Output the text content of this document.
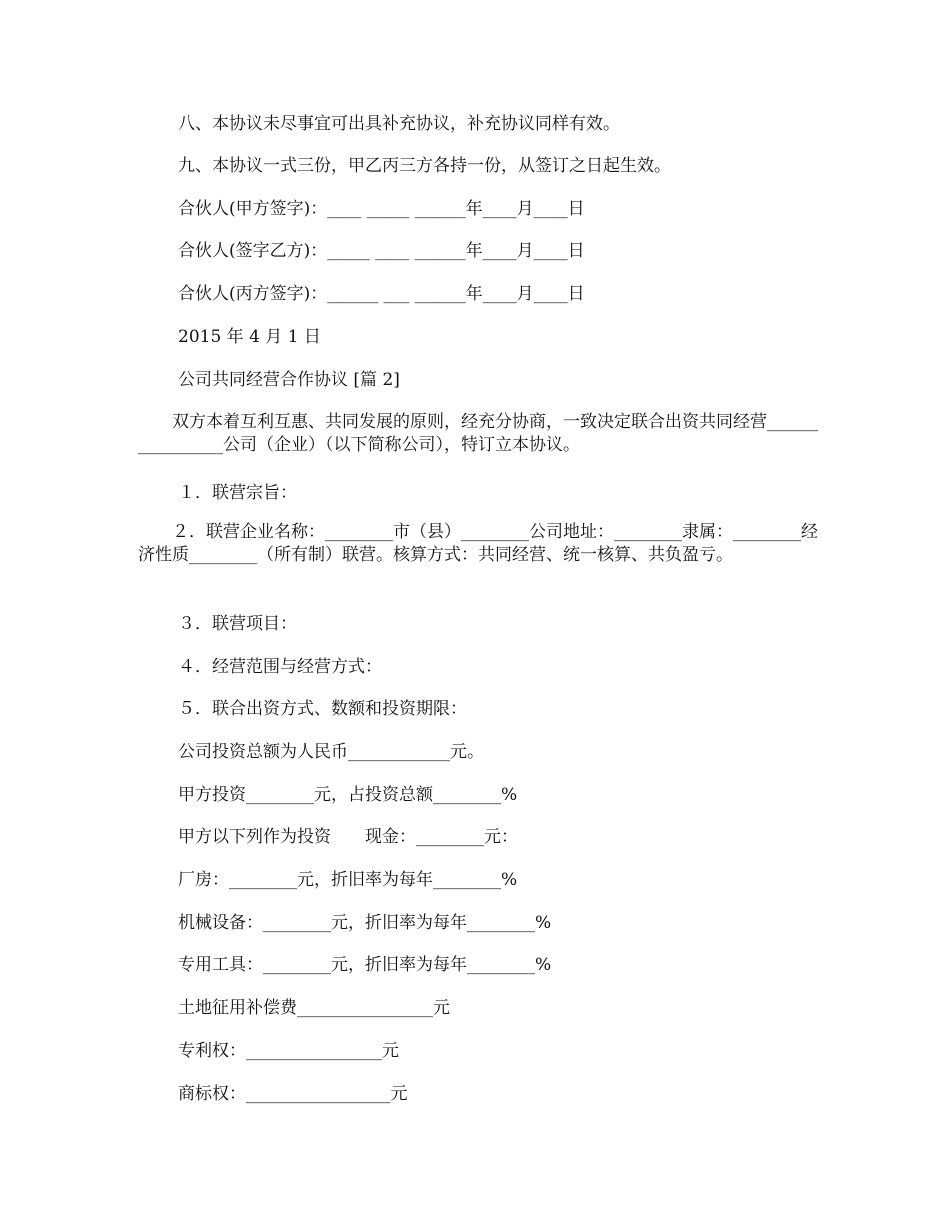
八、本协议未尽事宜可出具补充协议，补充协议同样有效。

九、本协议一式三份，甲乙丙三方各持一份，从签订之日起生效。

合伙人(甲方签字)：____ _____ ______年____月____日

合伙人(签字乙方)：_____ ____ ______年____月____日

合伙人(丙方签字)：______ ___ ______年____月____日

2015 年 4 月 1 日

公司共同经营合作协议 [篇 2]

　　双方本着互利互惠、共同发展的原则，经充分协商，一致决定联合出资共同经营________________公司（企业）（以下简称公司），特订立本协议。

１．联营宗旨：

　　２．联营企业名称：________市（县）________公司地址：________隶属：________经济性质________（所有制）联营。核算方式：共同经营、统一核算、共负盈亏。

３．联营项目：

４．经营范围与经营方式：

５．联合出资方式、数额和投资期限：

公司投资总额为人民币____________元。

甲方投资________元，占投资总额________%

甲方以下列作为投资　　现金：________元：

厂房：________元，折旧率为每年________%

机械设备：________元，折旧率为每年________%

专用工具：________元，折旧率为每年________%

土地征用补偿费________________元

专利权：________________元

商标权：_________________元
